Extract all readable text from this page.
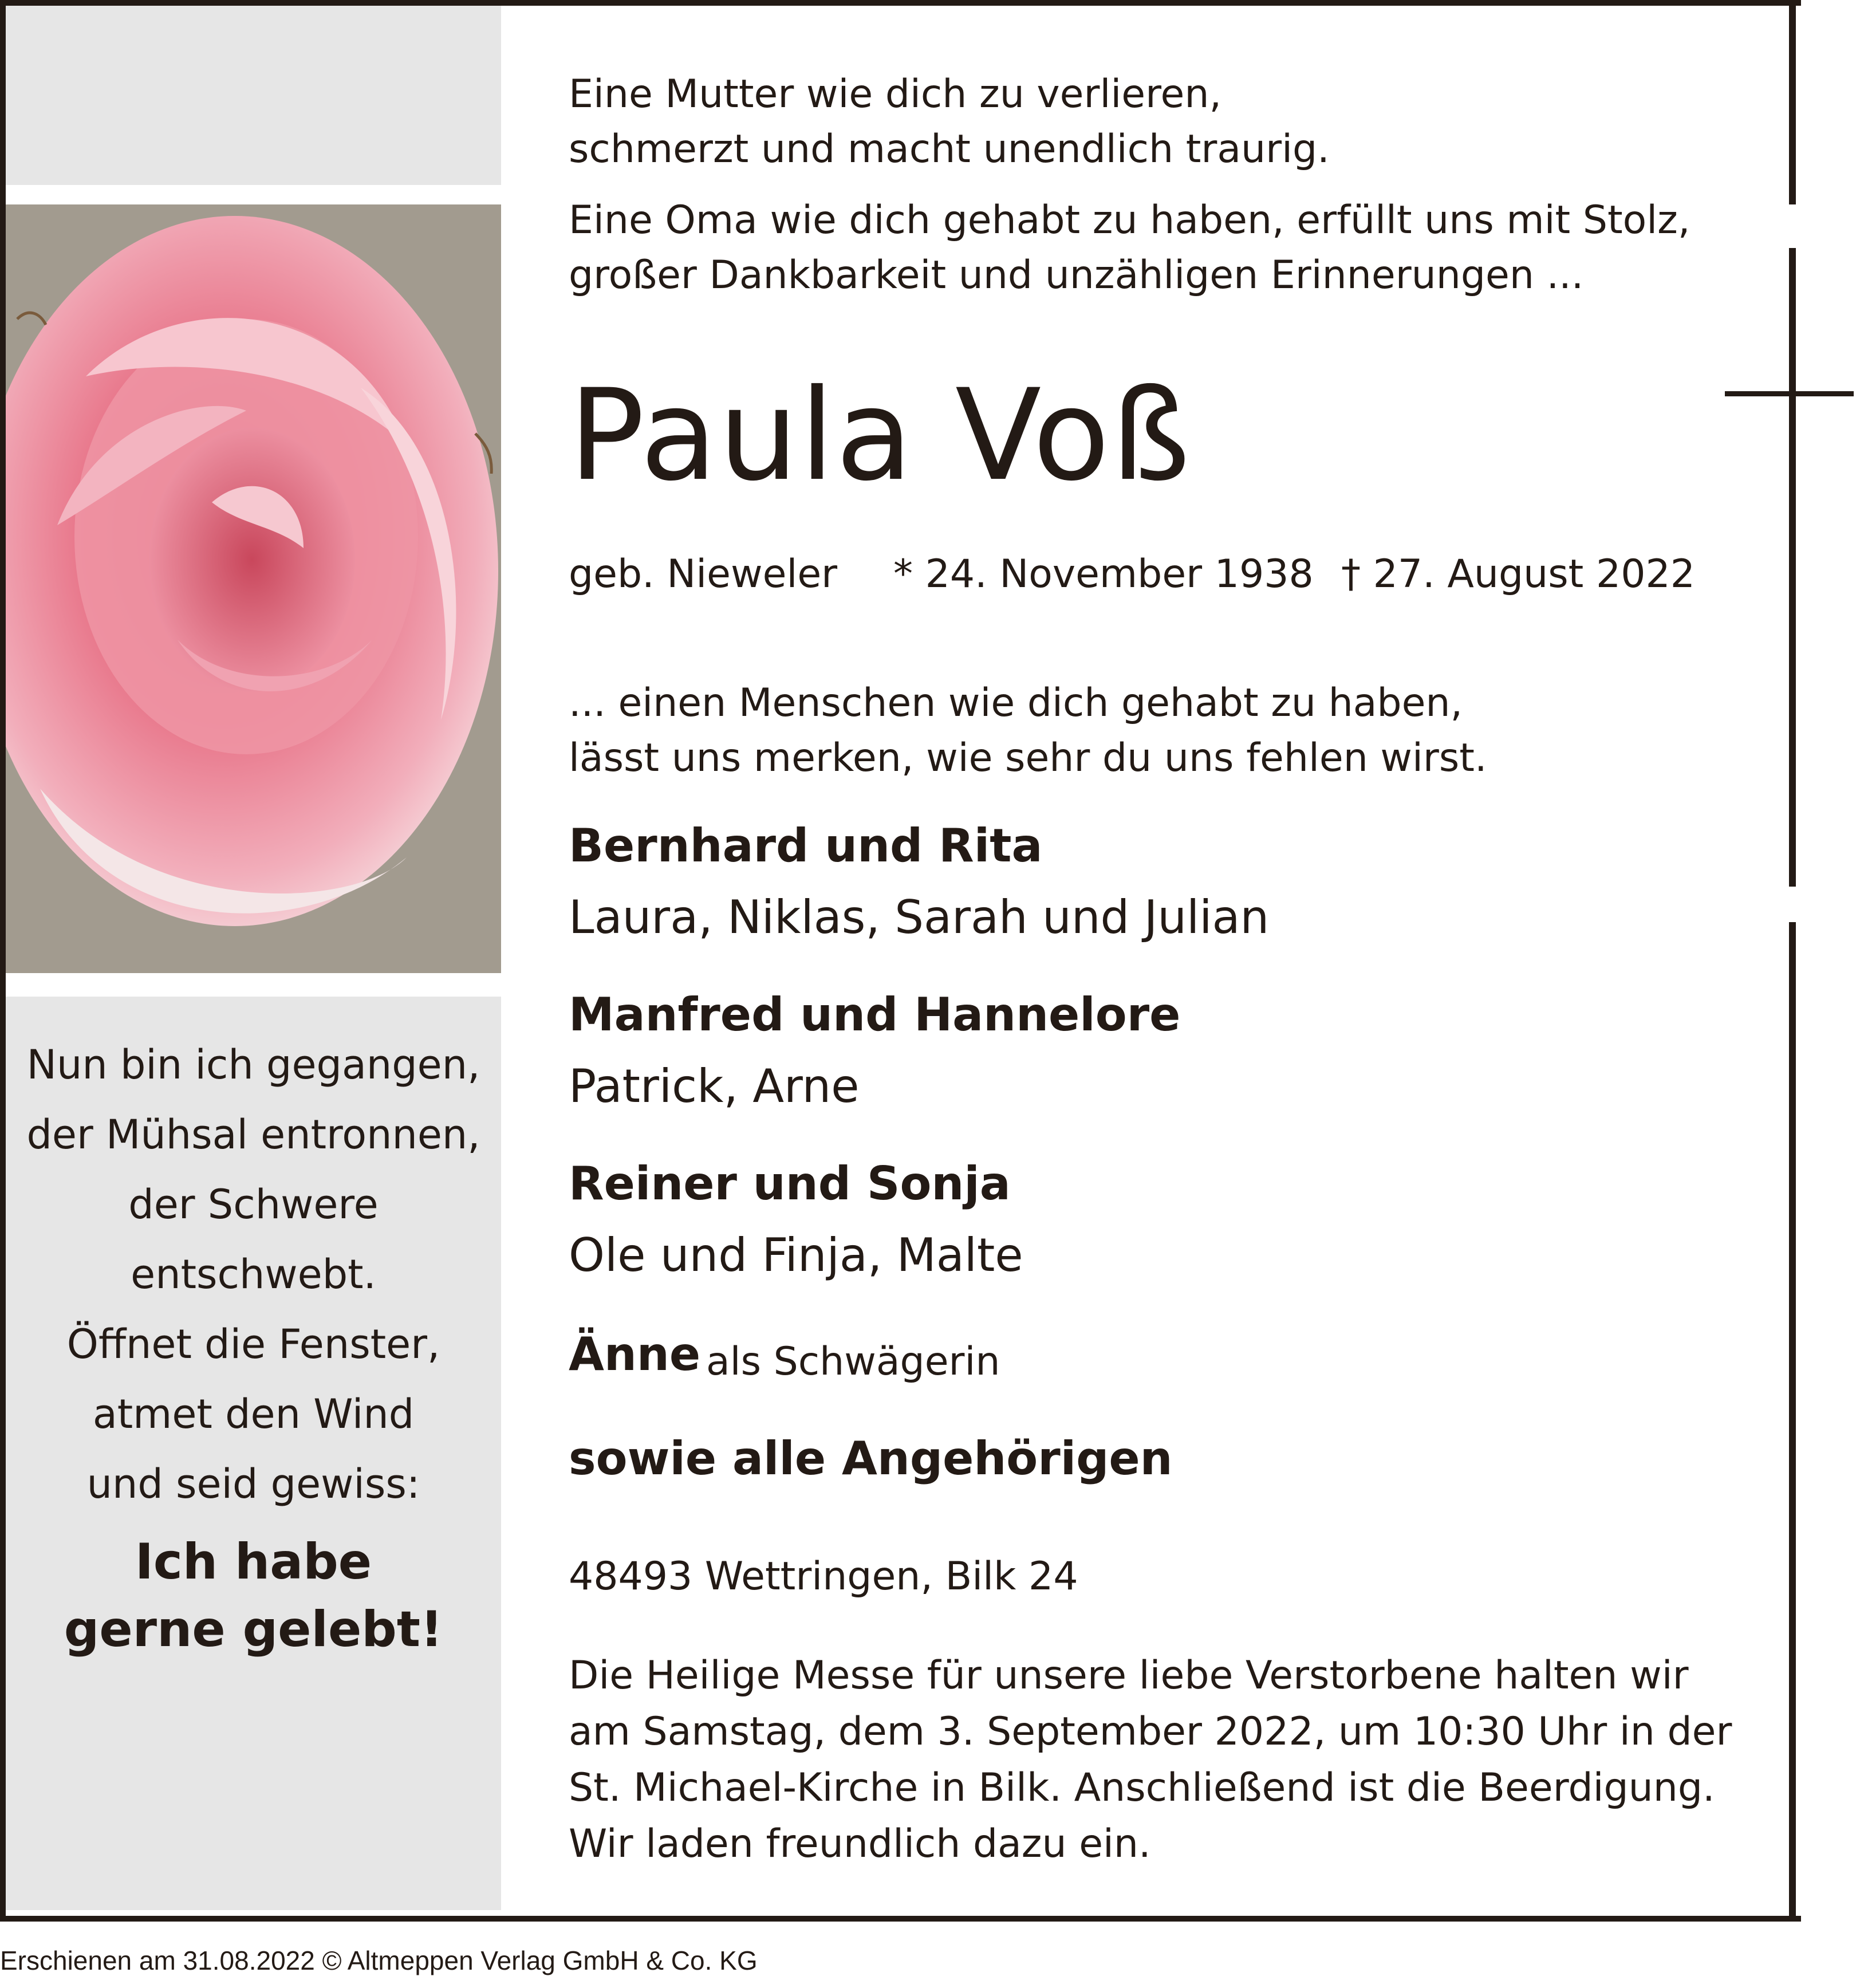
Nun bin ich gegangen,
der Mühsal entronnen,
der Schwere entschwebt.
Öffnet die Fenster,
atmet den Wind
und seid gewiss:
Ich habe
gerne gelebt!
Eine Mutter wie dich zu verlieren,
schmerzt und macht unendlich traurig.
Eine Oma wie dich gehabt zu haben, erfüllt uns mit Stolz,
großer Dankbarkeit und unzähligen Erinnerungen ...
Paula Voß
geb. Nieweler * 24. November 1938 † 27. August 2022
... einen Menschen wie dich gehabt zu haben,
lässt uns merken, wie sehr du uns fehlen wirst.
Bernhard und Rita
Laura, Niklas, Sarah und Julian
Manfred und Hannelore
Patrick, Arne
Reiner und Sonja
Ole und Finja, Malte
Änne als Schwägerin
sowie alle Angehörigen
48493 Wettringen, Bilk 24
Die Heilige Messe für unsere liebe Verstorbene halten wir
am Samstag, dem 3. September 2022, um 10:30 Uhr in der
St. Michael-Kirche in Bilk. Anschließend ist die Beerdigung.
Wir laden freundlich dazu ein.
Erschienen am 31.08.2022 © Altmeppen Verlag GmbH & Co. KG
